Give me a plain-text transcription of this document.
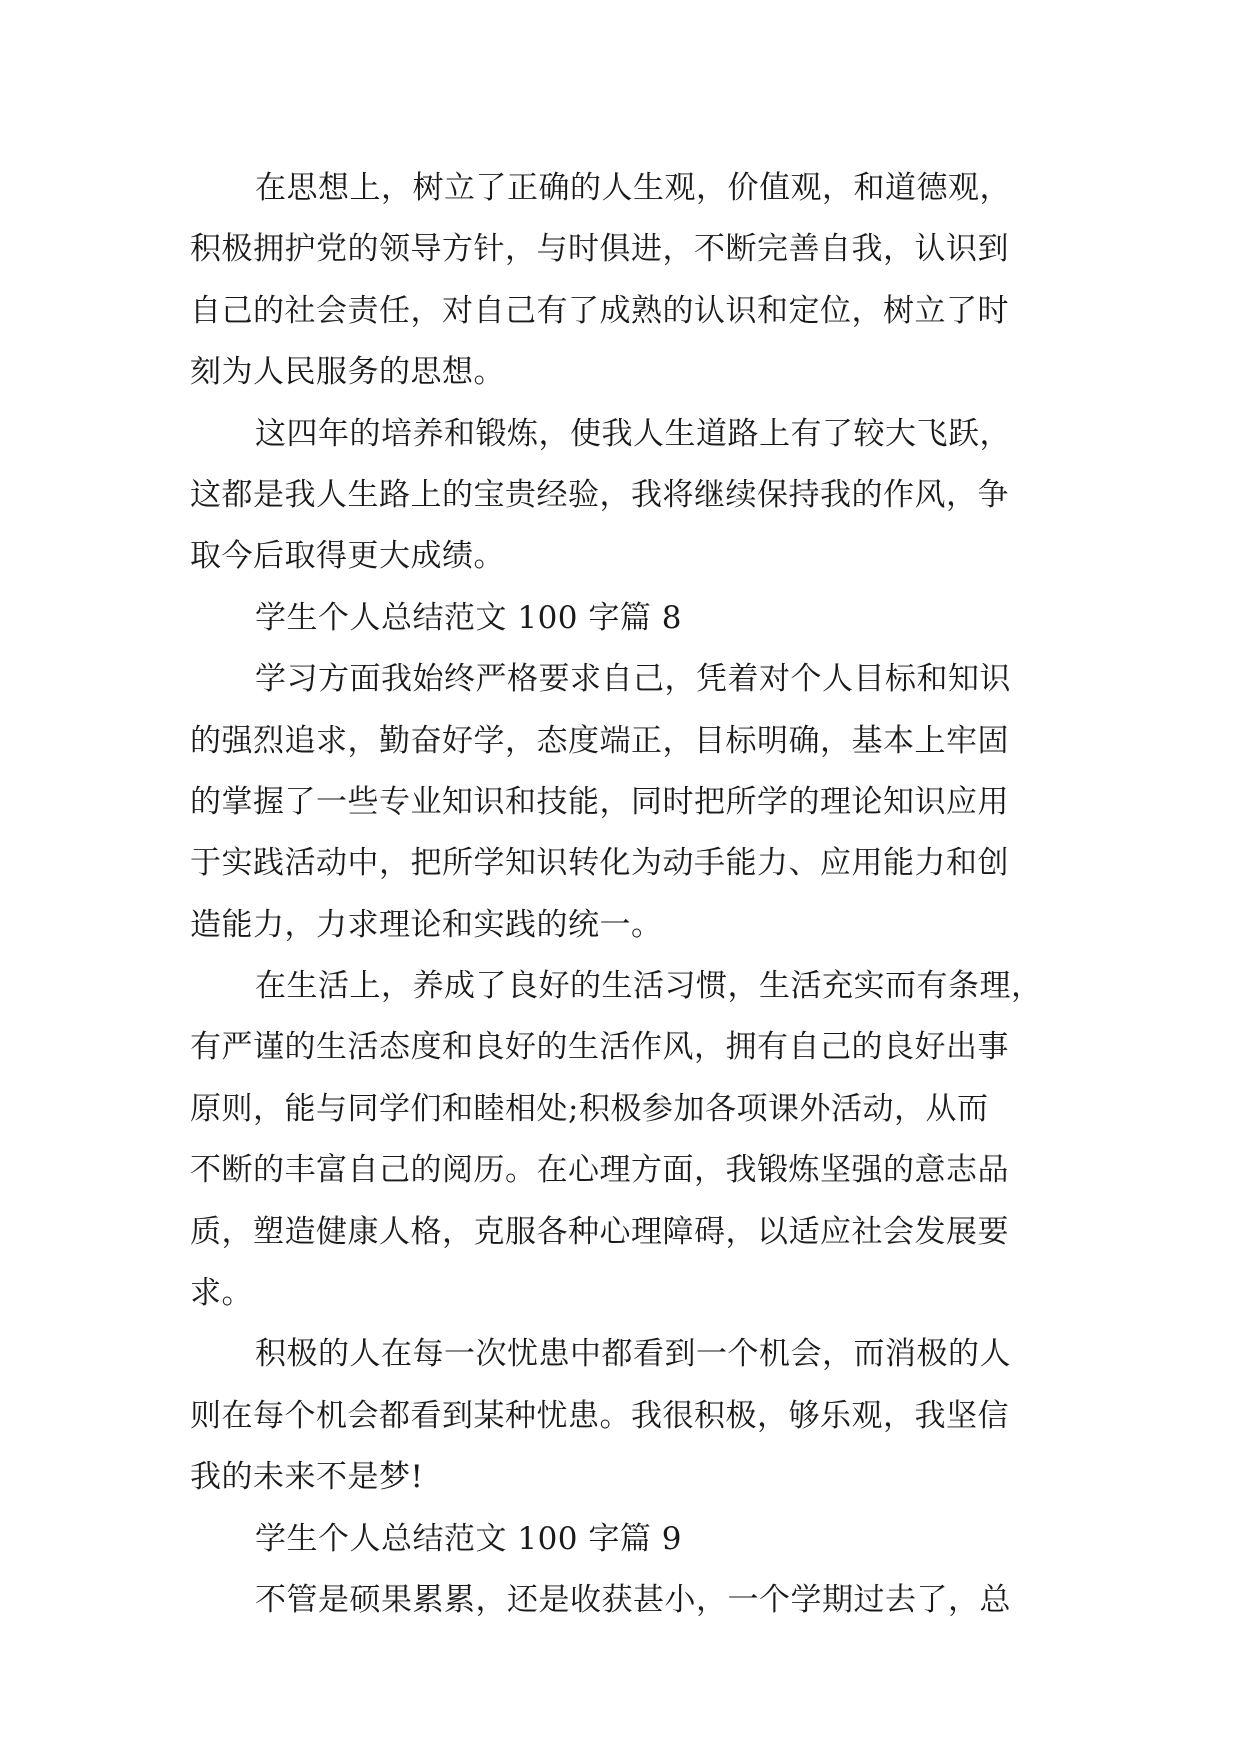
在思想上，树立了正确的人生观，价值观，和道德观，
积极拥护党的领导方针，与时俱进，不断完善自我，认识到
自己的社会责任，对自己有了成熟的认识和定位，树立了时
刻为人民服务的思想。
这四年的培养和锻炼，使我人生道路上有了较大飞跃，
这都是我人生路上的宝贵经验，我将继续保持我的作风，争
取今后取得更大成绩。
学生个人总结范文 100 字篇 8
学习方面我始终严格要求自己，凭着对个人目标和知识
的强烈追求，勤奋好学，态度端正，目标明确，基本上牢固
的掌握了一些专业知识和技能，同时把所学的理论知识应用
于实践活动中，把所学知识转化为动手能力、应用能力和创
造能力，力求理论和实践的统一。
在生活上，养成了良好的生活习惯，生活充实而有条理，
有严谨的生活态度和良好的生活作风，拥有自己的良好出事
原则，能与同学们和睦相处;积极参加各项课外活动，从而
不断的丰富自己的阅历。在心理方面，我锻炼坚强的意志品
质，塑造健康人格，克服各种心理障碍，以适应社会发展要
求。
积极的人在每一次忧患中都看到一个机会，而消极的人
则在每个机会都看到某种忧患。我很积极，够乐观，我坚信
我的未来不是梦!
学生个人总结范文 100 字篇 9
不管是硕果累累，还是收获甚小，一个学期过去了，总
